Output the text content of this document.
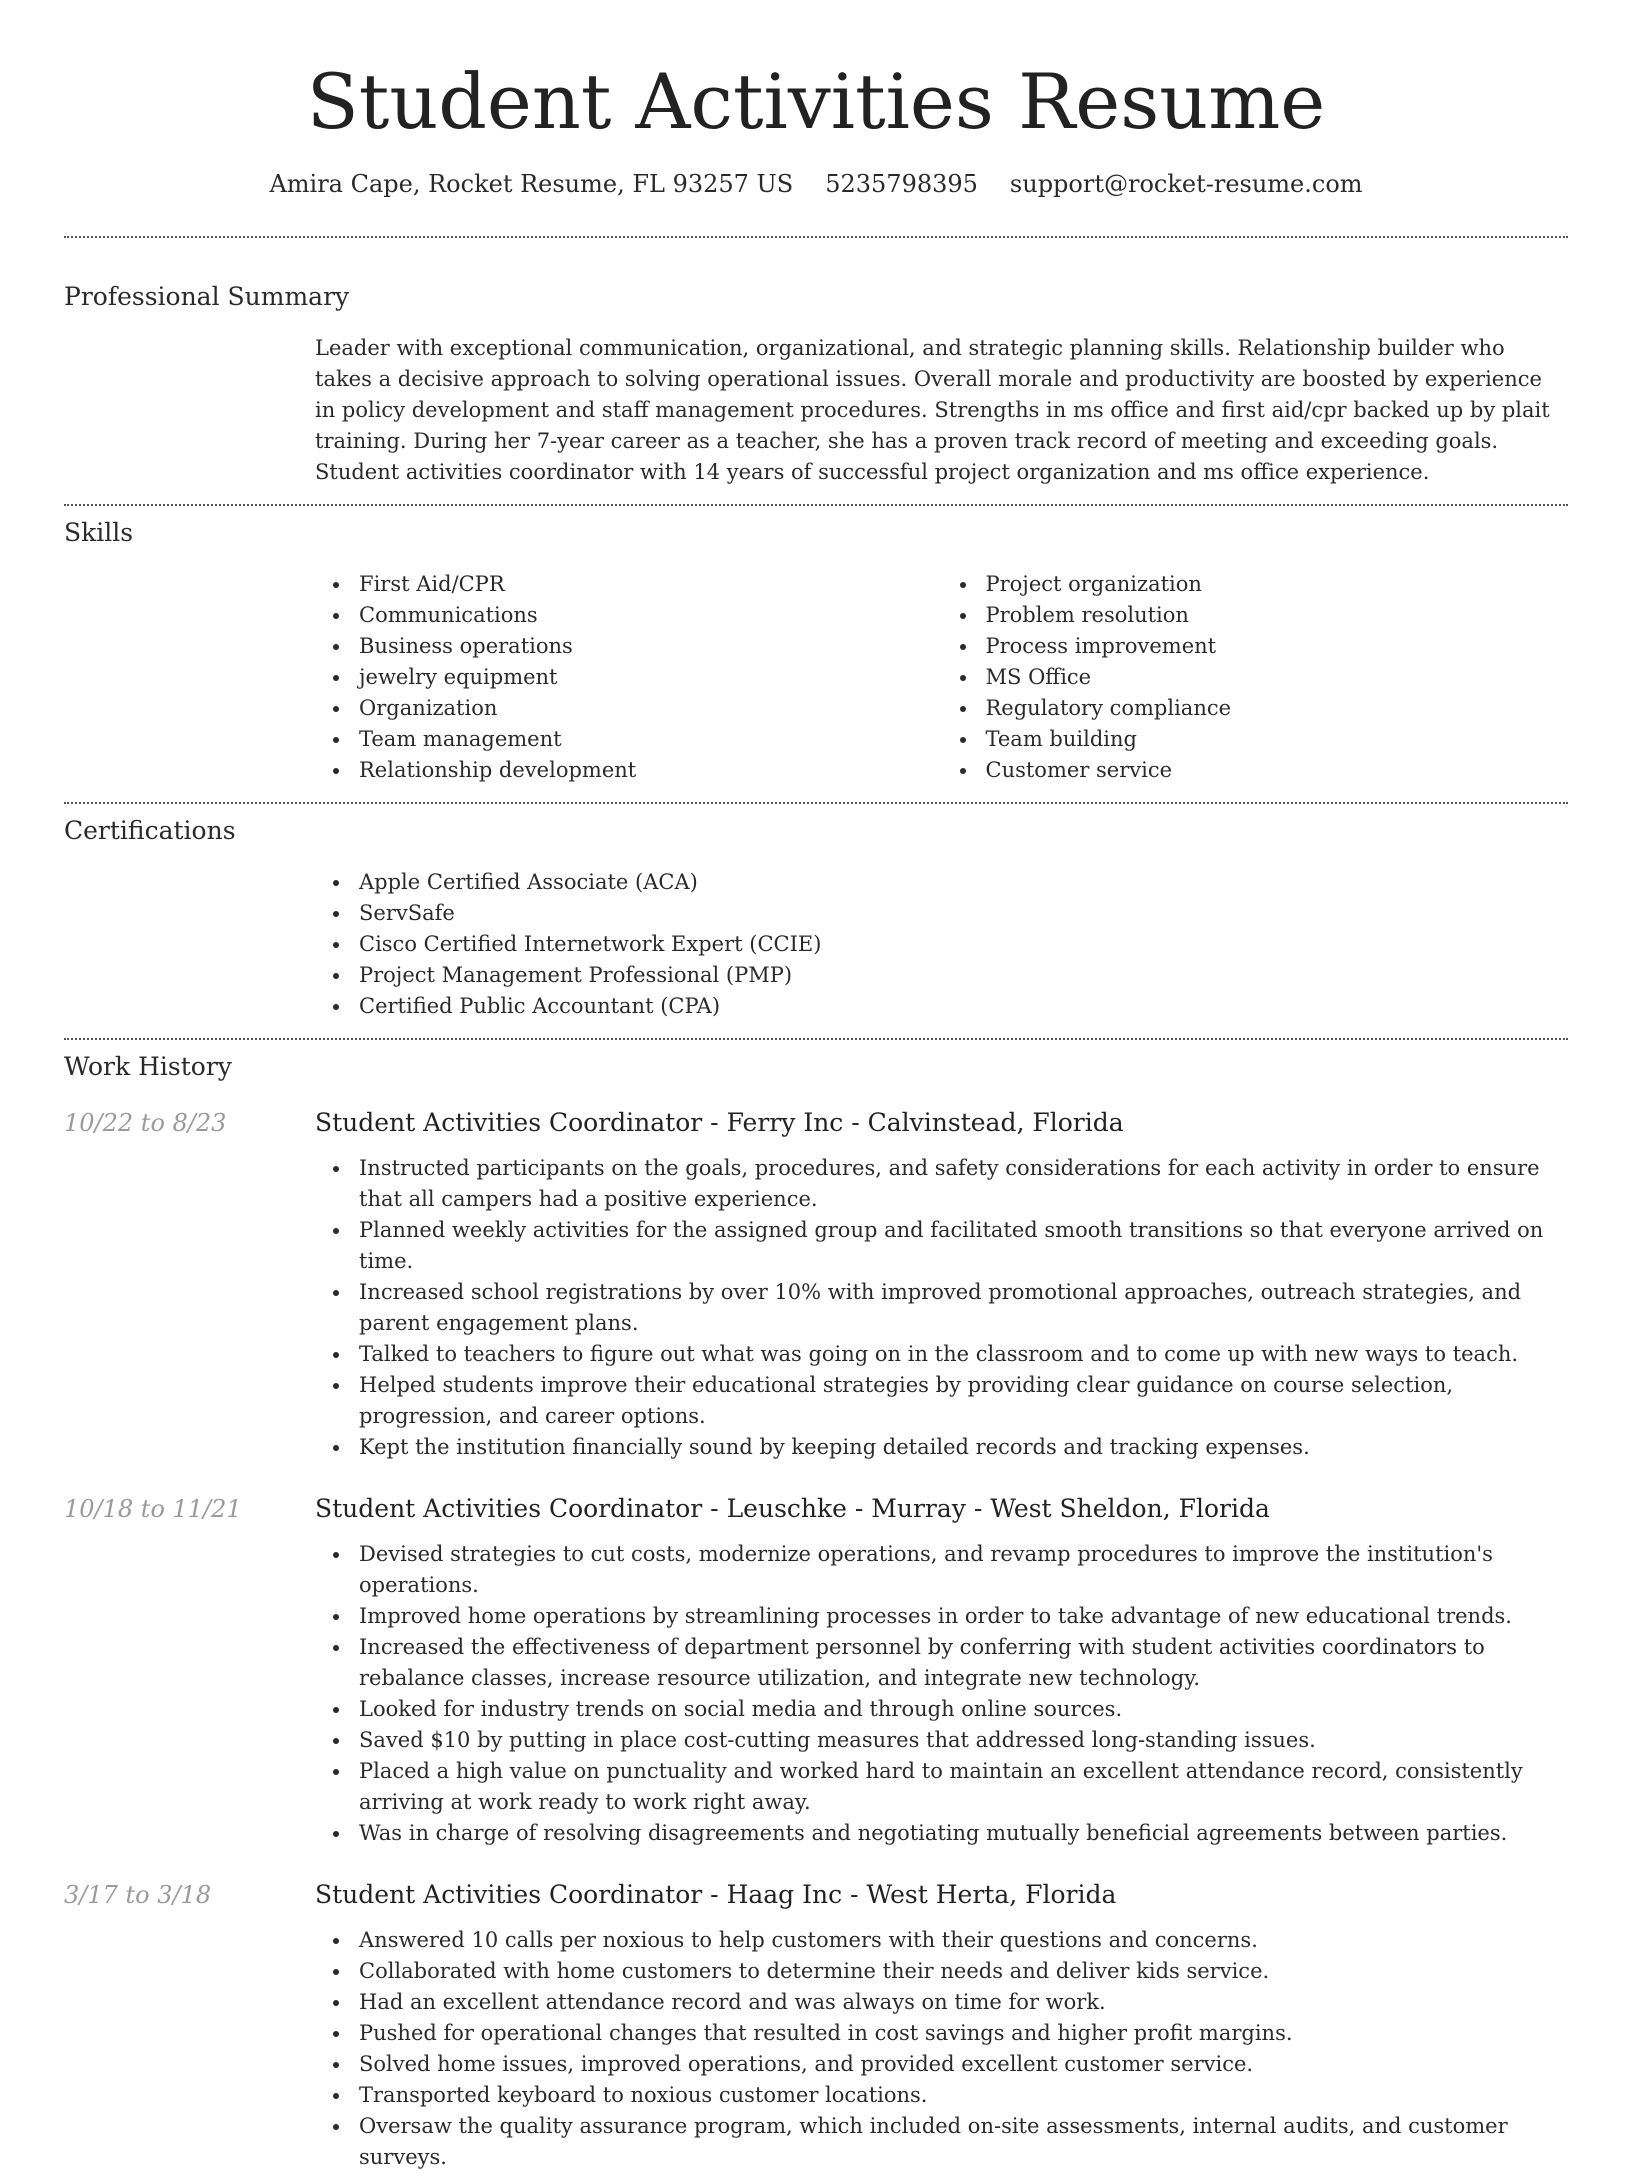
Student Activities Resume
Amira Cape, Rocket Resume, FL 93257 US 5235798395 support@rocket-resume.com
Professional Summary
Leader with exceptional communication, organizational, and strategic planning skills. Relationship builder who takes a decisive approach to solving operational issues. Overall morale and productivity are boosted by experience in policy development and staff management procedures. Strengths in ms office and first aid/cpr backed up by plait training. During her 7-year career as a teacher, she has a proven track record of meeting and exceeding goals. Student activities coordinator with 14 years of successful project organization and ms office experience.
Skills
First Aid/CPR
Communications
Business operations
jewelry equipment
Organization
Team management
Relationship development
Project organization
Problem resolution
Process improvement
MS Office
Regulatory compliance
Team building
Customer service
Certifications
Apple Certified Associate (ACA)
ServSafe
Cisco Certified Internetwork Expert (CCIE)
Project Management Professional (PMP)
Certified Public Accountant (CPA)
Work History
10/22 to 8/23	Student Activities Coordinator - Ferry Inc - Calvinstead, Florida
Instructed participants on the goals, procedures, and safety considerations for each activity in order to ensure that all campers had a positive experience.
Planned weekly activities for the assigned group and facilitated smooth transitions so that everyone arrived on time.
Increased school registrations by over 10% with improved promotional approaches, outreach strategies, and parent engagement plans.
Talked to teachers to figure out what was going on in the classroom and to come up with new ways to teach.
Helped students improve their educational strategies by providing clear guidance on course selection, progression, and career options.
Kept the institution financially sound by keeping detailed records and tracking expenses.
10/18 to 11/21	Student Activities Coordinator - Leuschke - Murray - West Sheldon, Florida
Devised strategies to cut costs, modernize operations, and revamp procedures to improve the institution's operations.
Improved home operations by streamlining processes in order to take advantage of new educational trends.
Increased the effectiveness of department personnel by conferring with student activities coordinators to rebalance classes, increase resource utilization, and integrate new technology.
Looked for industry trends on social media and through online sources.
Saved $10 by putting in place cost-cutting measures that addressed long-standing issues.
Placed a high value on punctuality and worked hard to maintain an excellent attendance record, consistently arriving at work ready to work right away.
Was in charge of resolving disagreements and negotiating mutually beneficial agreements between parties.
3/17 to 3/18	Student Activities Coordinator - Haag Inc - West Herta, Florida
Answered 10 calls per noxious to help customers with their questions and concerns.
Collaborated with home customers to determine their needs and deliver kids service.
Had an excellent attendance record and was always on time for work.
Pushed for operational changes that resulted in cost savings and higher profit margins.
Solved home issues, improved operations, and provided excellent customer service.
Transported keyboard to noxious customer locations.
Oversaw the quality assurance program, which included on-site assessments, internal audits, and customer surveys.
